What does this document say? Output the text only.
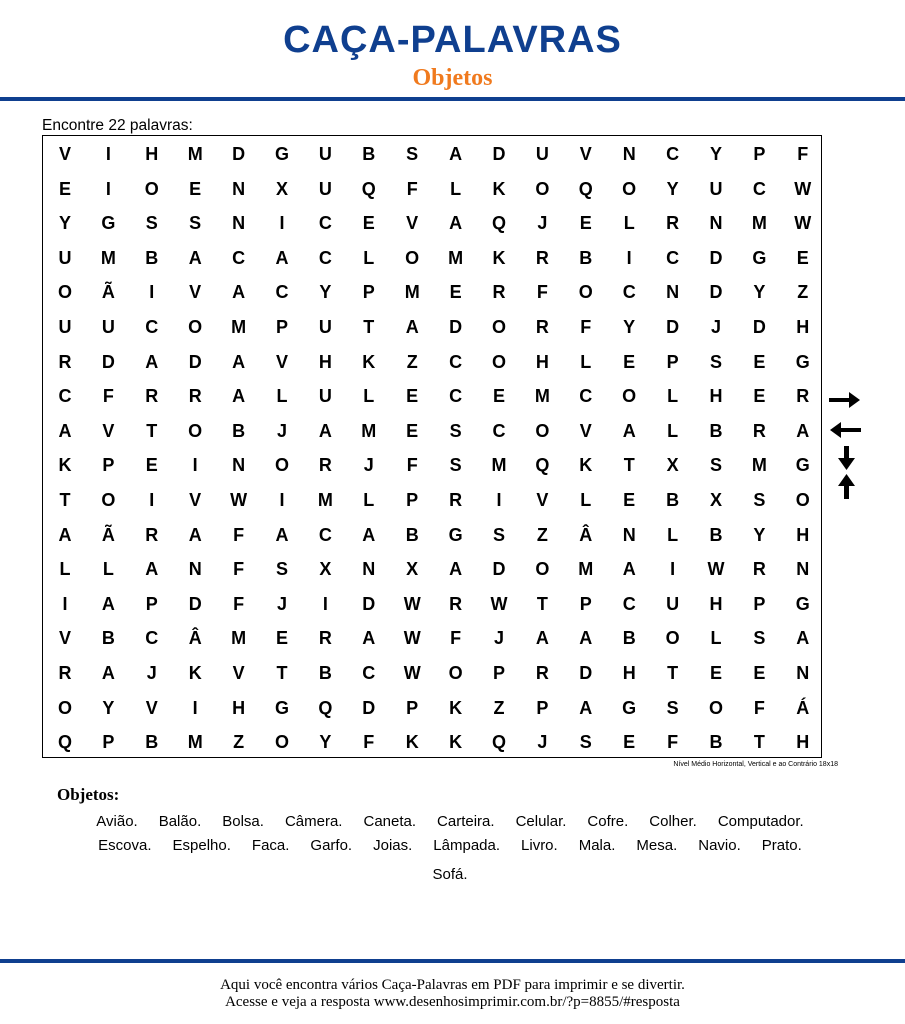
CAÇA-PALAVRAS
Objetos
Encontre 22 palavras:
V	I	H	M	D	G	U	B	S	A	D	U	V	N	C	Y	P	F
E	I	O	E	N	X	U	Q	F	L	K	O	Q	O	Y	U	C	W
Y	G	S	S	N	I	C	E	V	A	Q	J	E	L	R	N	M	W
U	M	B	A	C	A	C	L	O	M	K	R	B	I	C	D	G	E
O	Ã	I	V	A	C	Y	P	M	E	R	F	O	C	N	D	Y	Z
U	U	C	O	M	P	U	T	A	D	O	R	F	Y	D	J	D	H
R	D	A	D	A	V	H	K	Z	C	O	H	L	E	P	S	E	G
C	F	R	R	A	L	U	L	E	C	E	M	C	O	L	H	E	R
A	V	T	O	B	J	A	M	E	S	C	O	V	A	L	B	R	A
K	P	E	I	N	O	R	J	F	S	M	Q	K	T	X	S	M	G
T	O	I	V	W	I	M	L	P	R	I	V	L	E	B	X	S	O
A	Ã	R	A	F	A	C	A	B	G	S	Z	Â	N	L	B	Y	H
L	L	A	N	F	S	X	N	X	A	D	O	M	A	I	W	R	N
I	A	P	D	F	J	I	D	W	R	W	T	P	C	U	H	P	G
V	B	C	Â	M	E	R	A	W	F	J	A	A	B	O	L	S	A
R	A	J	K	V	T	B	C	W	O	P	R	D	H	T	E	E	N
O	Y	V	I	H	G	Q	D	P	K	Z	P	A	G	S	O	F	Á
Q	P	B	M	Z	O	Y	F	K	K	Q	J	S	E	F	B	T	H
Nível Médio Horizontal, Vertical e ao Contrário 18x18
Objetos:
Avião. Balão. Bolsa. Câmera. Caneta. Carteira. Celular. Cofre. Colher. Computador.
Escova. Espelho. Faca. Garfo. Joias. Lâmpada. Livro. Mala. Mesa. Navio. Prato.
Sofá.
Aqui você encontra vários Caça-Palavras em PDF para imprimir e se divertir.
Acesse e veja a resposta www.desenhosimprimir.com.br/?p=8855/#resposta
